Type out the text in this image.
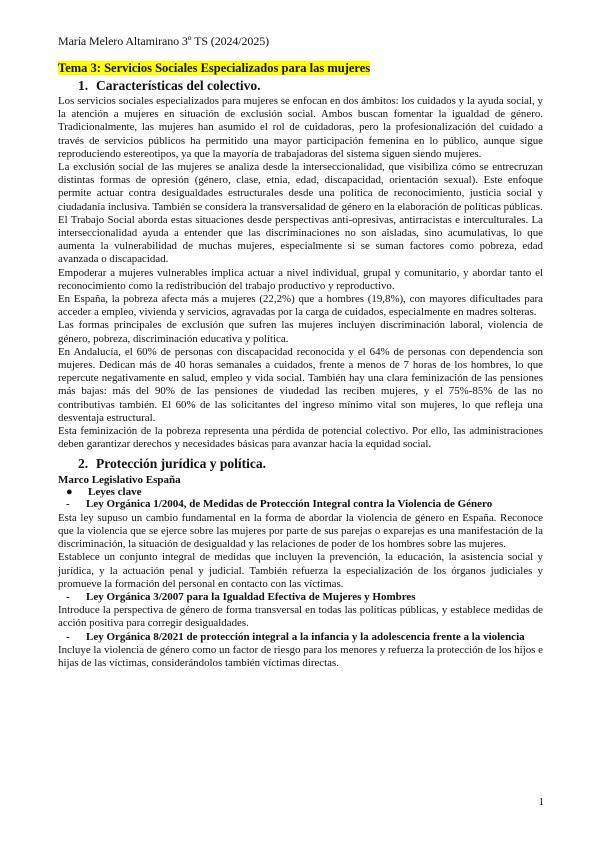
María Melero Altamirano 3º TS (2024/2025)
Tema 3: Servicios Sociales Especializados para las mujeres
1. Características del colectivo.

Los servicios sociales especializados para mujeres se enfocan en dos ámbitos: los cuidados y la ayuda social, y la atención a mujeres en situación de exclusión social. Ambos buscan fomentar la igualdad de género. Tradicionalmente, las mujeres han asumido el rol de cuidadoras, pero la profesionalización del cuidado a través de servicios públicos ha permitido una mayor participación femenina en lo público, aunque sigue reproduciendo estereotipos, ya que la mayoría de trabajadoras del sistema siguen siendo mujeres.

La exclusión social de las mujeres se analiza desde la interseccionalidad, que visibiliza cómo se entrecruzan distintas formas de opresión (género, clase, etnia, edad, discapacidad, orientación sexual). Este enfoque permite actuar contra desigualdades estructurales desde una política de reconocimiento, justicia social y ciudadanía inclusiva. También se considera la transversalidad de género en la elaboración de políticas públicas.

El Trabajo Social aborda estas situaciones desde perspectivas anti-opresivas, antirracistas e interculturales. La interseccionalidad ayuda a entender que las discriminaciones no son aisladas, sino acumulativas, lo que aumenta la vulnerabilidad de muchas mujeres, especialmente si se suman factores como pobreza, edad avanzada o discapacidad.

Empoderar a mujeres vulnerables implica actuar a nivel individual, grupal y comunitario, y abordar tanto el reconocimiento como la redistribución del trabajo productivo y reproductivo.

En España, la pobreza afecta más a mujeres (22,2%) que a hombres (19,8%), con mayores dificultades para acceder a empleo, vivienda y servicios, agravadas por la carga de cuidados, especialmente en madres solteras.

Las formas principales de exclusión que sufren las mujeres incluyen discriminación laboral, violencia de género, pobreza, discriminación educativa y política.

En Andalucía, el 60% de personas con discapacidad reconocida y el 64% de personas con dependencia son mujeres. Dedican más de 40 horas semanales a cuidados, frente a menos de 7 horas de los hombres, lo que repercute negativamente en salud, empleo y vida social. También hay una clara feminización de las pensiones más bajas: más del 90% de las pensiones de viudedad las reciben mujeres, y el 75%-85% de las no contributivas también. El 60% de las solicitantes del ingreso mínimo vital son mujeres, lo que refleja una desventaja estructural.

Esta feminización de la pobreza representa una pérdida de potencial colectivo. Por ello, las administraciones deben garantizar derechos y necesidades básicas para avanzar hacia la equidad social.

2. Protección jurídica y política.
Marco Legislativo España
●	Leyes clave
-	Ley Orgánica 1/2004, de Medidas de Protección Integral contra la Violencia de Género

Esta ley supuso un cambio fundamental en la forma de abordar la violencia de género en España. Reconoce que la violencia que se ejerce sobre las mujeres por parte de sus parejas o exparejas es una manifestación de la discriminación, la situación de desigualdad y las relaciones de poder de los hombres sobre las mujeres.

Establece un conjunto integral de medidas que incluyen la prevención, la educación, la asistencia social y jurídica, y la actuación penal y judicial. También refuerza la especialización de los órganos judiciales y promueve la formación del personal en contacto con las víctimas.

-	Ley Orgánica 3/2007 para la Igualdad Efectiva de Mujeres y Hombres

Introduce la perspectiva de género de forma transversal en todas las políticas públicas, y establece medidas de acción positiva para corregir desigualdades.

-	Ley Orgánica 8/2021 de protección integral a la infancia y la adolescencia frente a la violencia

Incluye la violencia de género como un factor de riesgo para los menores y refuerza la protección de los hijos e hijas de las víctimas, considerándolos también víctimas directas.

1
